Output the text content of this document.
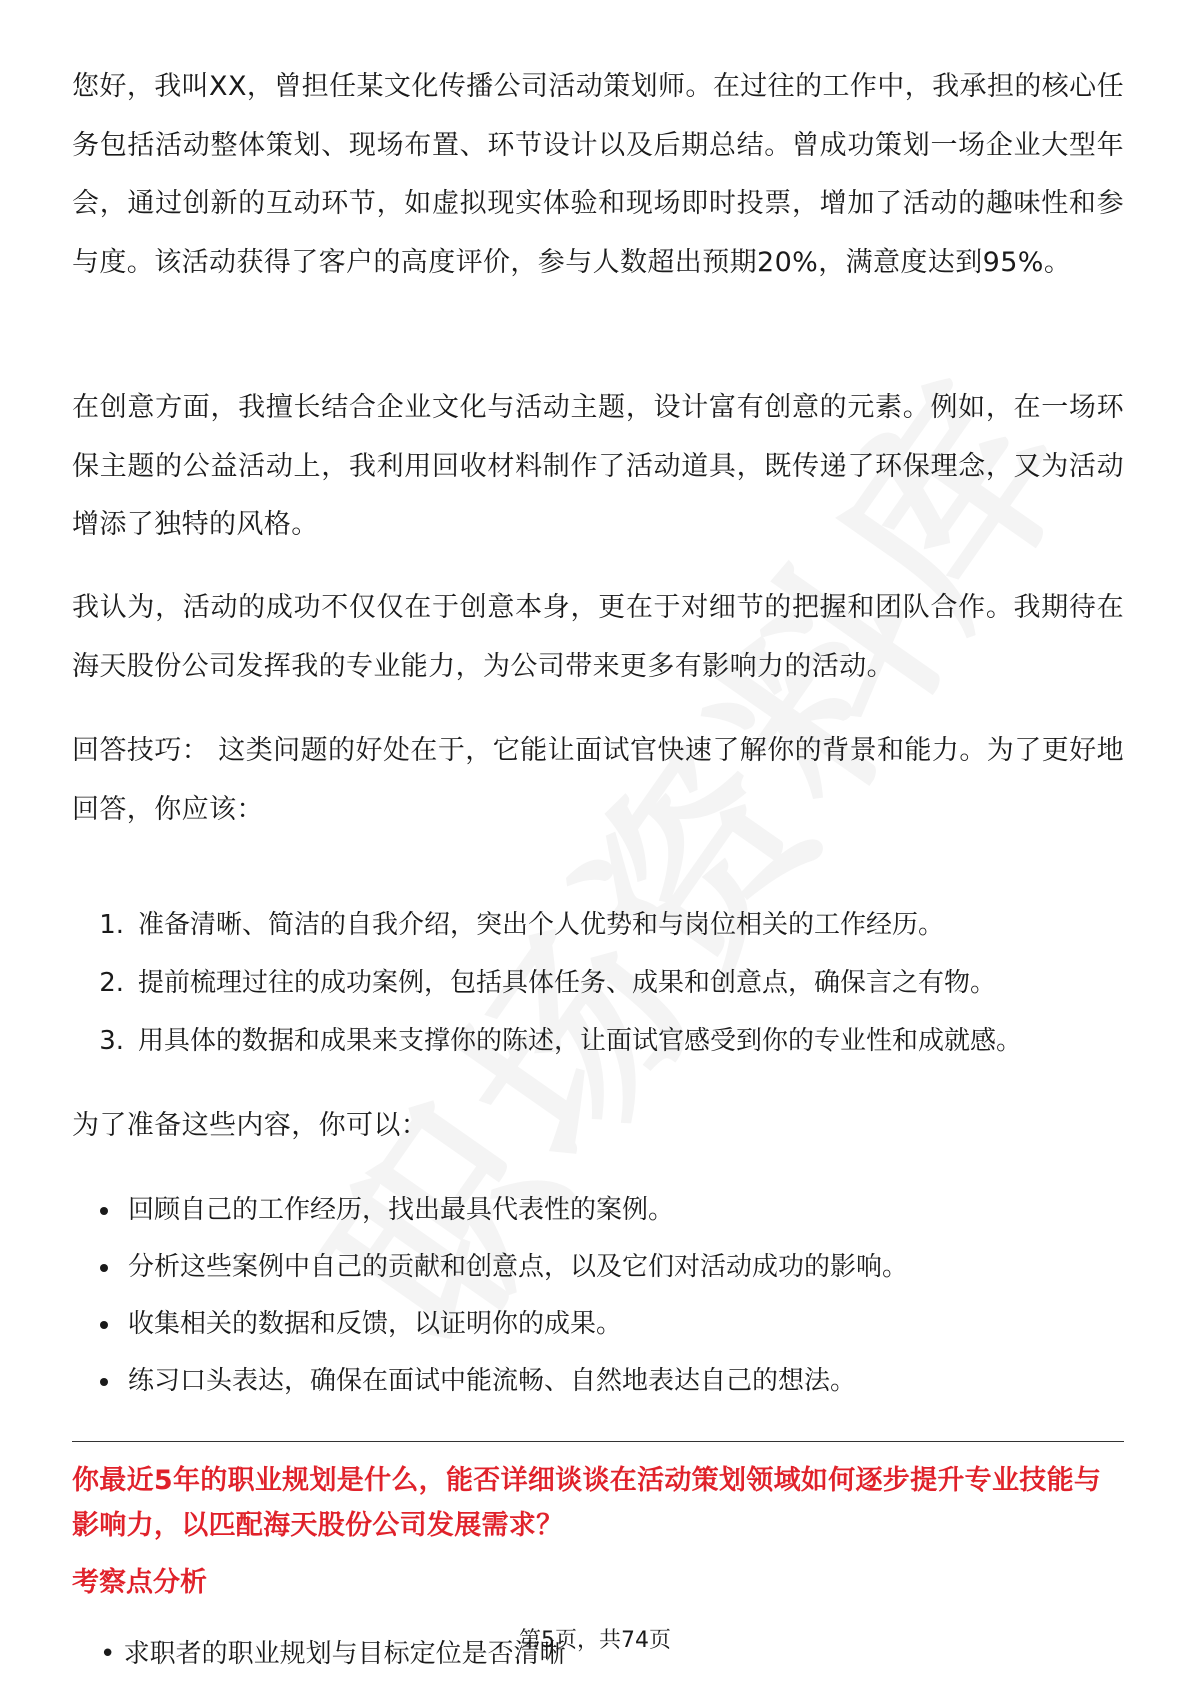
您好，我叫XX，曾担任某文化传播公司活动策划师。在过往的工作中，我承担的核心任务包括活动整体策划、现场布置、环节设计以及后期总结。曾成功策划一场企业大型年会，通过创新的互动环节，如虚拟现实体验和现场即时投票，增加了活动的趣味性和参与度。该活动获得了客户的高度评价，参与人数超出预期20%，满意度达到95%。

在创意方面，我擅长结合企业文化与活动主题，设计富有创意的元素。例如，在一场环保主题的公益活动上，我利用回收材料制作了活动道具，既传递了环保理念，又为活动增添了独特的风格。

我认为，活动的成功不仅仅在于创意本身，更在于对细节的把握和团队合作。我期待在海天股份公司发挥我的专业能力，为公司带来更多有影响力的活动。

回答技巧： 这类问题的好处在于，它能让面试官快速了解你的背景和能力。为了更好地回答，你应该：

1. 准备清晰、简洁的自我介绍，突出个人优势和与岗位相关的工作经历。
2. 提前梳理过往的成功案例，包括具体任务、成果和创意点，确保言之有物。
3. 用具体的数据和成果来支撑你的陈述，让面试官感受到你的专业性和成就感。

为了准备这些内容，你可以：

回顾自己的工作经历，找出最具代表性的案例。
分析这些案例中自己的贡献和创意点，以及它们对活动成功的影响。
收集相关的数据和反馈，以证明你的成果。
练习口头表达，确保在面试中能流畅、自然地表达自己的想法。
你最近5年的职业规划是什么，能否详细谈谈在活动策划领域如何逐步提升专业技能与影响力，以匹配海天股份公司发展需求？
考察点分析
• 求职者的职业规划与目标定位是否清晰
第5页，共74页
